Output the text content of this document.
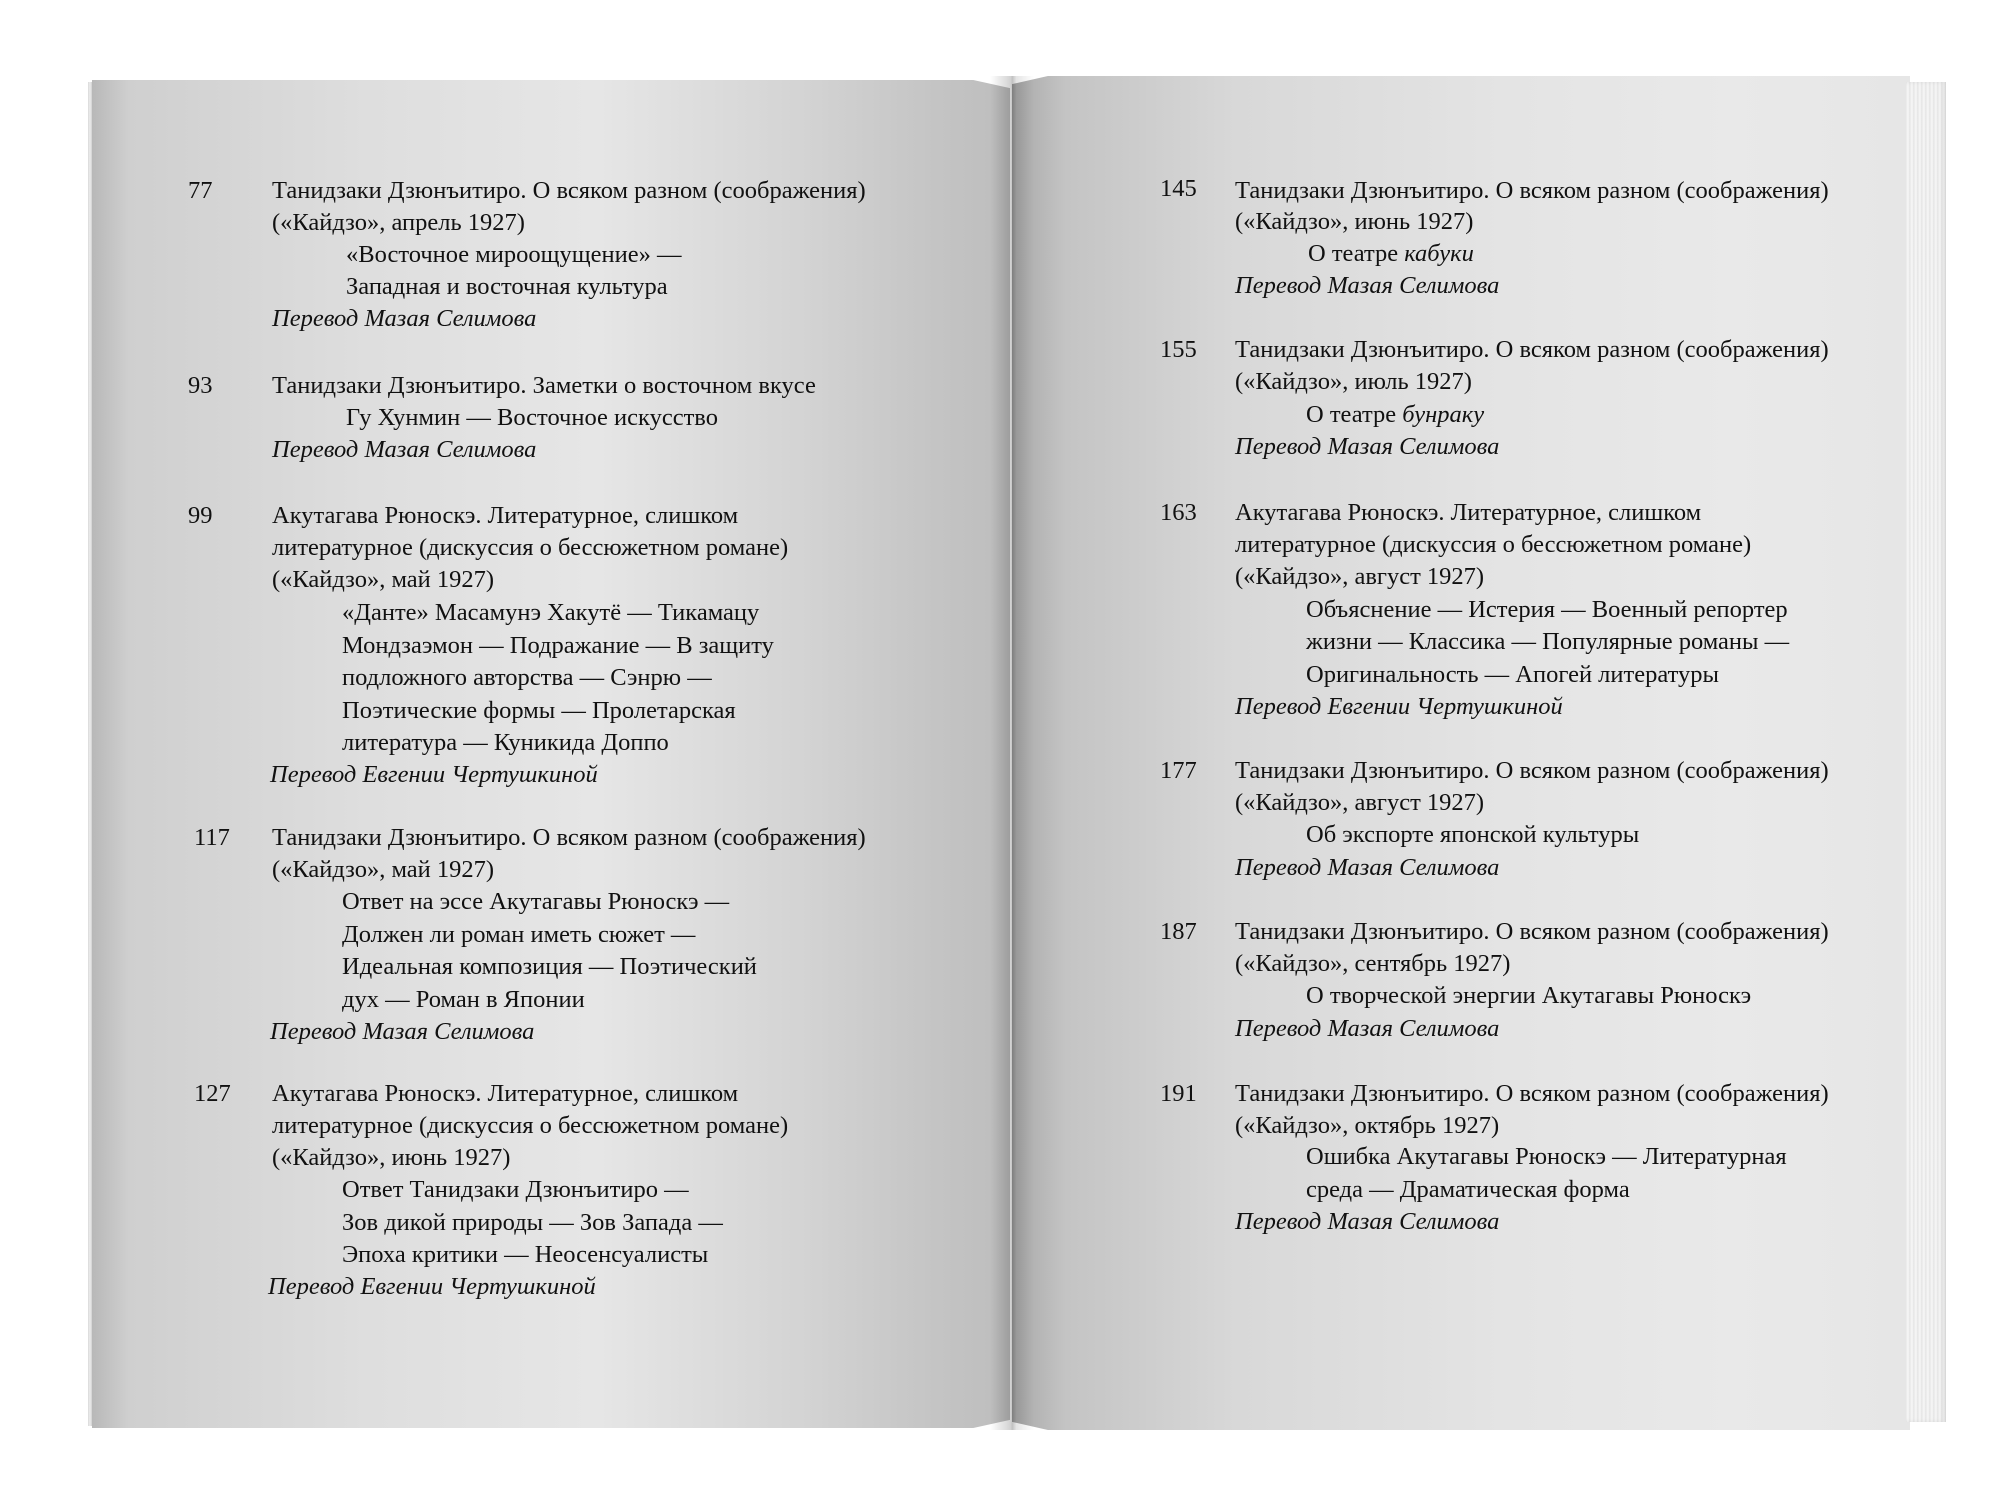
77 Танидзаки Дзюнъитиро. О всяком разном (соображения)
(«Кайдзо», апрель 1927)
«Восточное мироощущение» —
Западная и восточная культура
Перевод Мазая Селимова
93 Танидзаки Дзюнъитиро. Заметки о восточном вкусе
Гу Хунмин — Восточное искусство
Перевод Мазая Селимова
99 Акутагава Рюноскэ. Литературное, слишком
литературное (дискуссия о бессюжетном романе)
(«Кайдзо», май 1927)
«Данте» Масамунэ Хакутё — Тикамацу
Мондзаэмон — Подражание — В защиту
подложного авторства — Сэнрю —
Поэтические формы — Пролетарская
литература — Куникида Доппо
Перевод Евгении Чертушкиной
117 Танидзаки Дзюнъитиро. О всяком разном (соображения)
(«Кайдзо», май 1927)
Ответ на эссе Акутагавы Рюноскэ —
Должен ли роман иметь сюжет —
Идеальная композиция — Поэтический
дух — Роман в Японии
Перевод Мазая Селимова
127 Акутагава Рюноскэ. Литературное, слишком
литературное (дискуссия о бессюжетном романе)
(«Кайдзо», июнь 1927)
Ответ Танидзаки Дзюнъитиро —
Зов дикой природы — Зов Запада —
Эпоха критики — Неосенсуалисты
Перевод Евгении Чертушкиной
145 Танидзаки Дзюнъитиро. О всяком разном (соображения)
(«Кайдзо», июнь 1927)
О театре кабуки
Перевод Мазая Селимова
155 Танидзаки Дзюнъитиро. О всяком разном (соображения)
(«Кайдзо», июль 1927)
О театре бунраку
Перевод Мазая Селимова
163 Акутагава Рюноскэ. Литературное, слишком
литературное (дискуссия о бессюжетном романе)
(«Кайдзо», август 1927)
Объяснение — Истерия — Военный репортер
жизни — Классика — Популярные романы —
Оригинальность — Апогей литературы
Перевод Евгении Чертушкиной
177 Танидзаки Дзюнъитиро. О всяком разном (соображения)
(«Кайдзо», август 1927)
Об экспорте японской культуры
Перевод Мазая Селимова
187 Танидзаки Дзюнъитиро. О всяком разном (соображения)
(«Кайдзо», сентябрь 1927)
О творческой энергии Акутагавы Рюноскэ
Перевод Мазая Селимова
191 Танидзаки Дзюнъитиро. О всяком разном (соображения)
(«Кайдзо», октябрь 1927)
Ошибка Акутагавы Рюноскэ — Литературная
среда — Драматическая форма
Перевод Мазая Селимова
